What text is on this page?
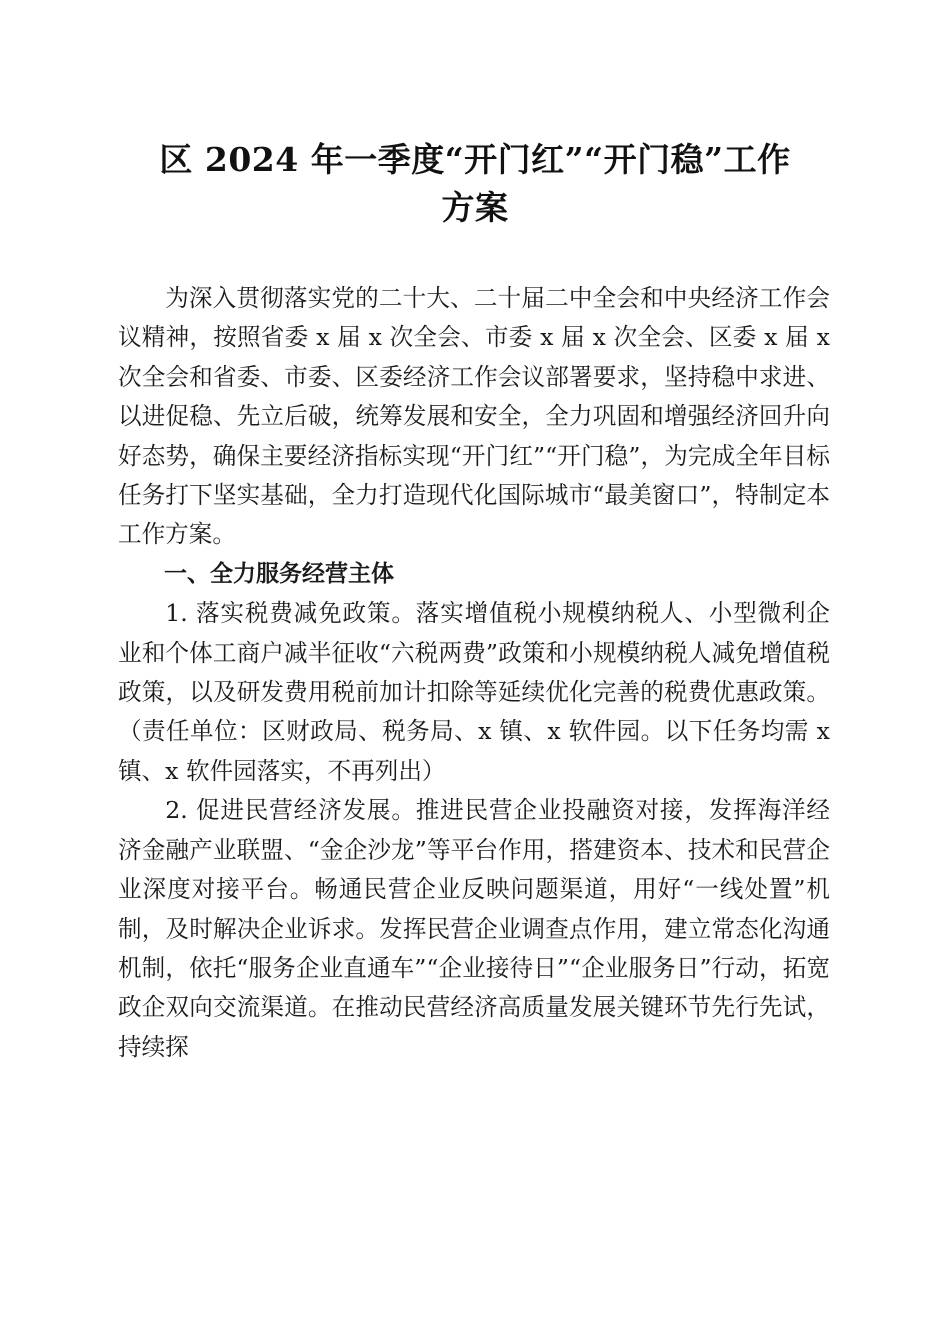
区 2024 年一季度“开门红”“开门稳”工作
方案

为深入贯彻落实党的二十大、二十届二中全会和中央经济工作会议精神，按照省委 x 届 x 次全会、市委 x 届 x 次全会、区委 x 届 x 次全会和省委、市委、区委经济工作会议部署要求，坚持稳中求进、以进促稳、先立后破，统筹发展和安全，全力巩固和增强经济回升向好态势，确保主要经济指标实现“开门红”“开门稳”，为完成全年目标任务打下坚实基础，全力打造现代化国际城市“最美窗口”，特制定本工作方案。

一、全力服务经营主体

1. 落实税费减免政策。落实增值税小规模纳税人、小型微利企业和个体工商户减半征收“六税两费”政策和小规模纳税人减免增值税政策，以及研发费用税前加计扣除等延续优化完善的税费优惠政策。（责任单位：区财政局、税务局、x 镇、x 软件园。以下任务均需 x 镇、x 软件园落实，不再列出）

2. 促进民营经济发展。推进民营企业投融资对接，发挥海洋经济金融产业联盟、“金企沙龙”等平台作用，搭建资本、技术和民营企业深度对接平台。畅通民营企业反映问题渠道，用好“一线处置”机制，及时解决企业诉求。发挥民营企业调查点作用，建立常态化沟通机制，依托“服务企业直通车”“企业接待日”“企业服务日”行动，拓宽政企双向交流渠道。在推动民营经济高质量发展关键环节先行先试，持续探
